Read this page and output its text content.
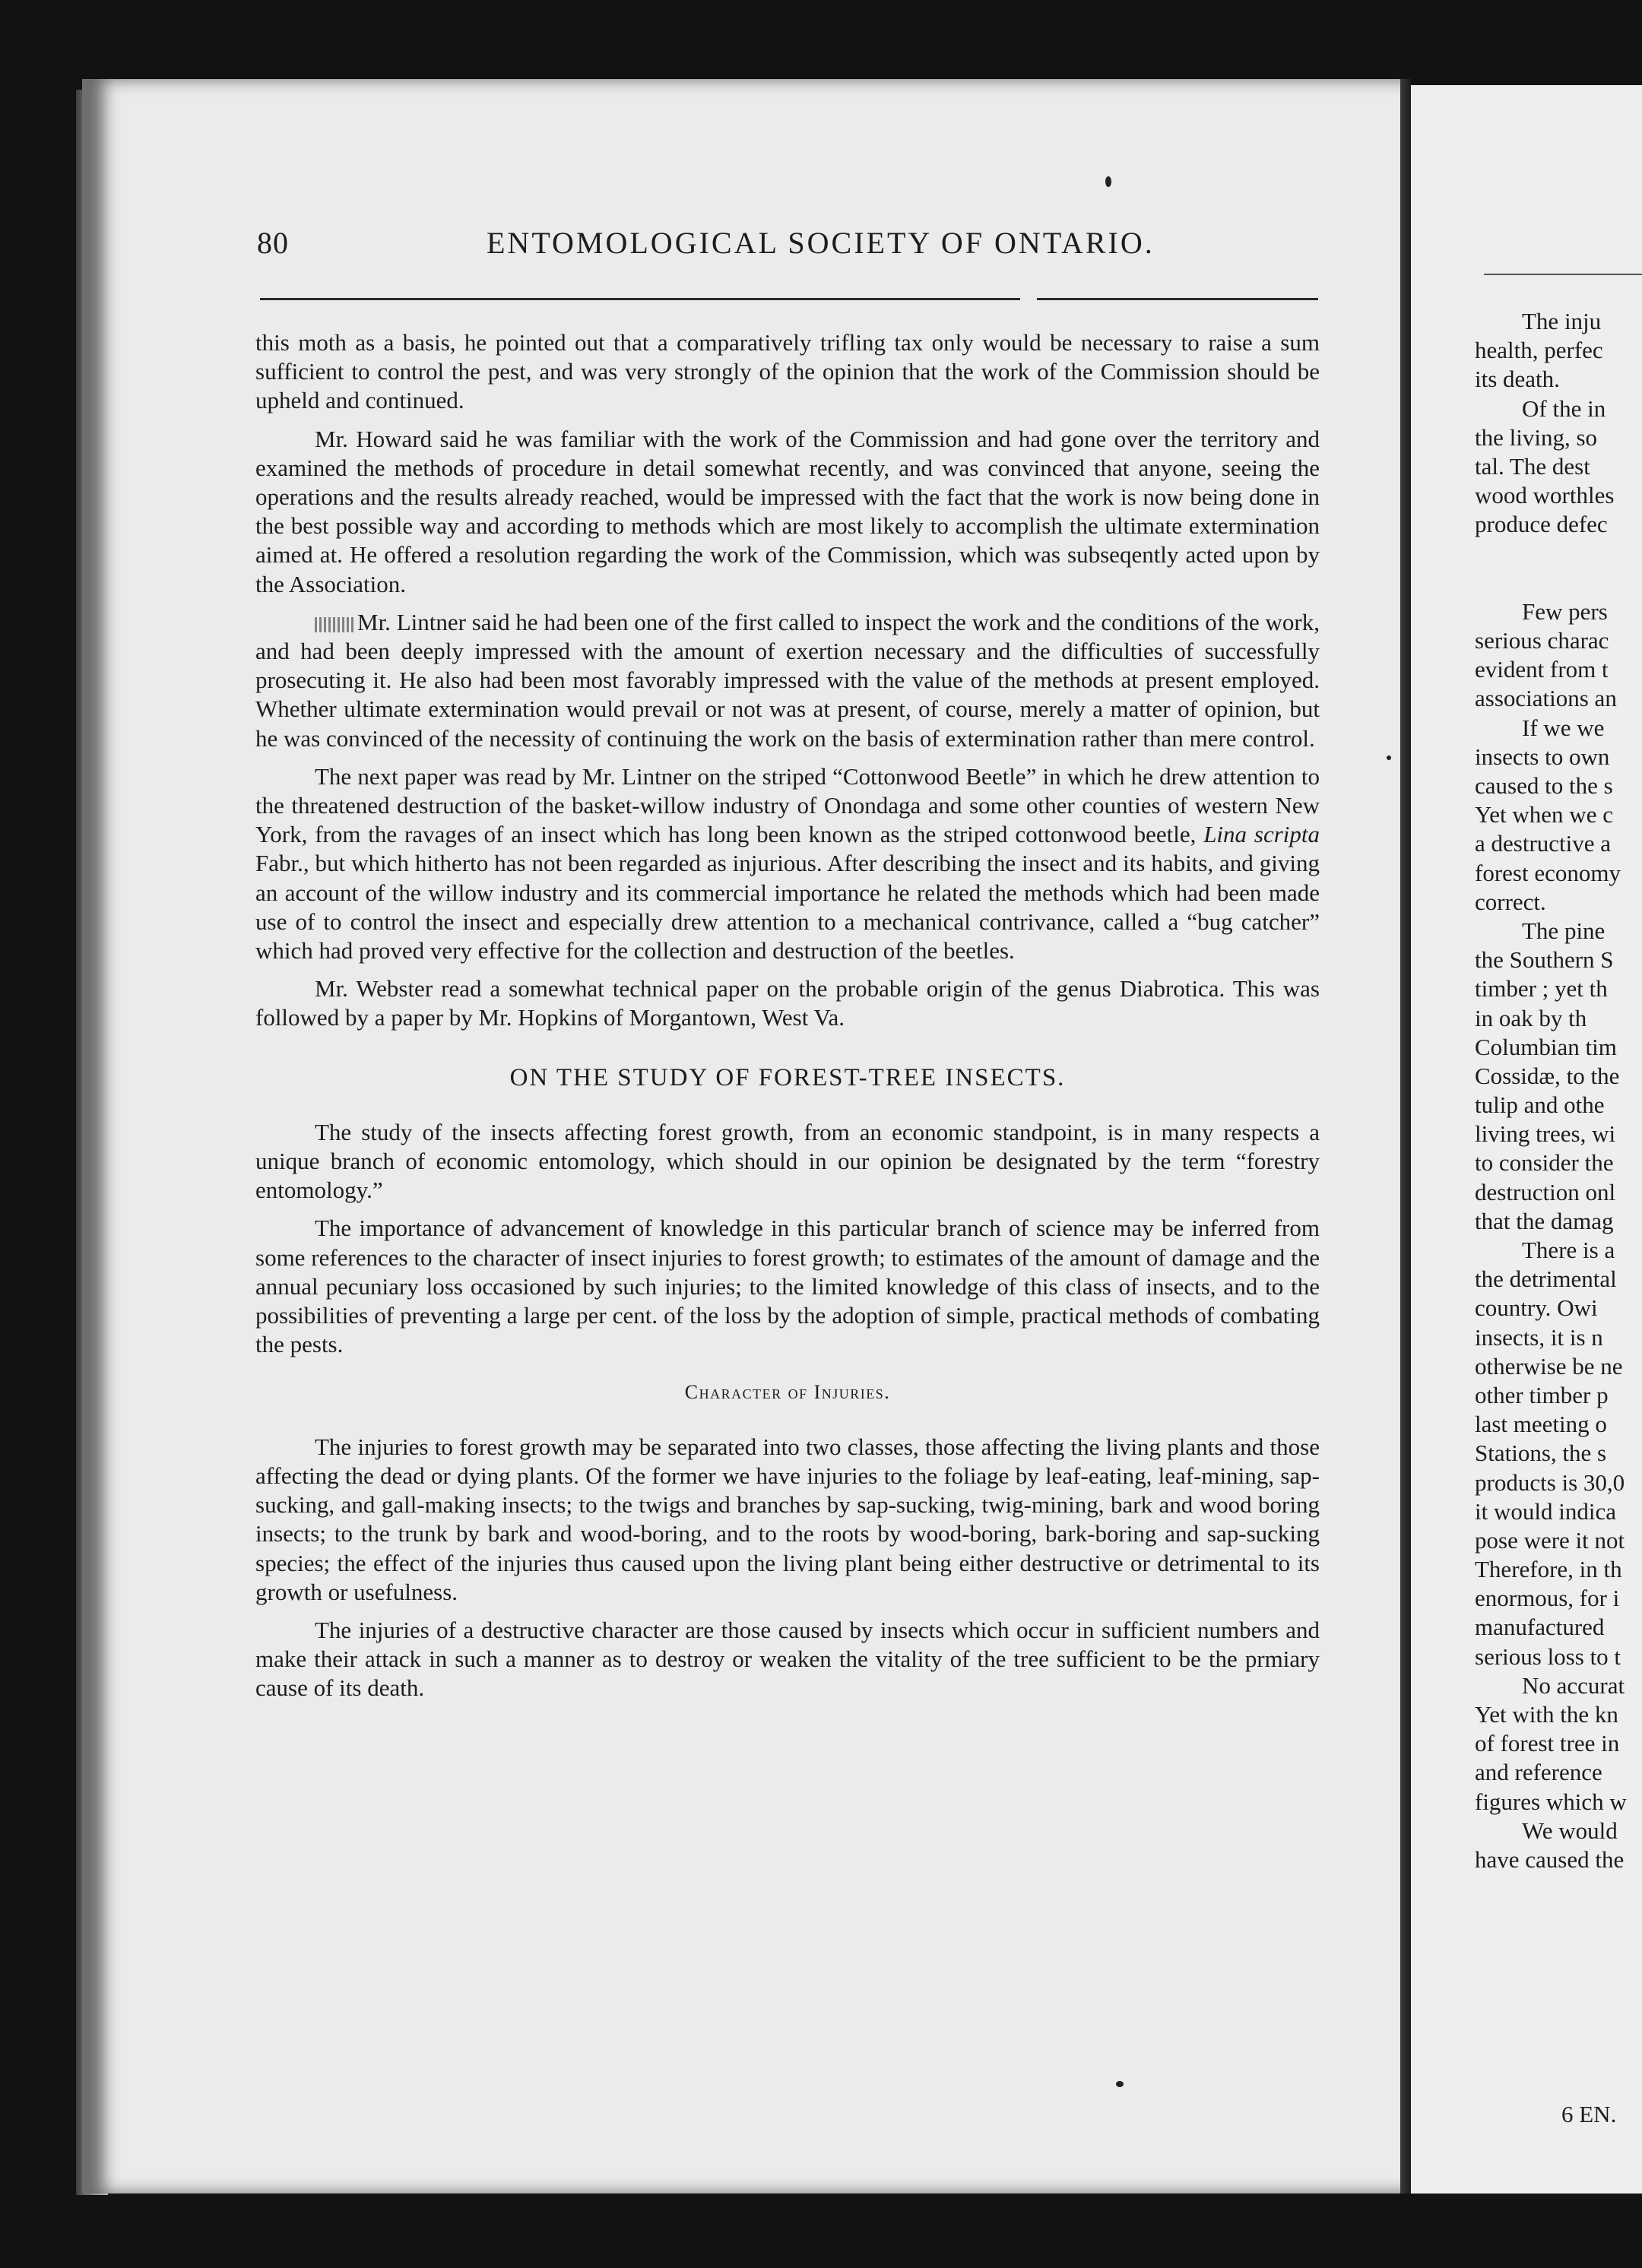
80	ENTOMOLOGICAL SOCIETY OF ONTARIO.

this moth as a basis, he pointed out that a comparatively trifling tax only would be necessary to raise a sum sufficient to control the pest, and was very strongly of the opinion that the work of the Commission should be upheld and continued.

Mr. Howard said he was familiar with the work of the Commission and had gone over the territory and examined the methods of procedure in detail somewhat recently, and was convinced that anyone, seeing the operations and the results already reached, would be impressed with the fact that the work is now being done in the best possible way and according to methods which are most likely to accomplish the ultimate extermination aimed at. He offered a resolution regarding the work of the Commission, which was subseqently acted upon by the Association.

Mr. Lintner said he had been one of the first called to inspect the work and the conditions of the work, and had been deeply impressed with the amount of exertion necessary and the difficulties of successfully prosecuting it. He also had been most favorably impressed with the value of the methods at present employed. Whether ultimate extermination would prevail or not was at present, of course, merely a matter of opinion, but he was convinced of the necessity of continuing the work on the basis of extermination rather than mere control.

The next paper was read by Mr. Lintner on the striped “Cottonwood Beetle” in which he drew attention to the threatened destruction of the basket-willow industry of Onondaga and some other counties of western New York, from the ravages of an insect which has long been known as the striped cottonwood beetle, Lina scripta Fabr., but which hitherto has not been regarded as injurious. After describing the insect and its habits, and giving an account of the willow industry and its commercial importance he related the methods which had been made use of to control the insect and especially drew attention to a mechanical contrivance, called a “bug catcher” which had proved very effective for the collection and destruction of the beetles.

Mr. Webster read a somewhat technical paper on the probable origin of the genus Diabrotica. This was followed by a paper by Mr. Hopkins of Morgantown, West Va.

ON THE STUDY OF FOREST-TREE INSECTS.

The study of the insects affecting forest growth, from an economic standpoint, is in many respects a unique branch of economic entomology, which should in our opinion be designated by the term “forestry entomology.”

The importance of advancement of knowledge in this particular branch of science may be inferred from some references to the character of insect injuries to forest growth; to estimates of the amount of damage and the annual pecuniary loss occasioned by such injuries; to the limited knowledge of this class of insects, and to the possibilities of preventing a large per cent. of the loss by the adoption of simple, practical methods of combating the pests.

Character of Injuries.

The injuries to forest growth may be separated into two classes, those affecting the living plants and those affecting the dead or dying plants. Of the former we have injuries to the foliage by leaf-eating, leaf-mining, sap-sucking, and gall-making insects; to the twigs and branches by sap-sucking, twig-mining, bark and wood boring insects; to the trunk by bark and wood-boring, and to the roots by wood-boring, bark-boring and sap-sucking species; the effect of the injuries thus caused upon the living plant being either destructive or detrimental to its growth or usefulness.

The injuries of a destructive character are those caused by insects which occur in sufficient numbers and make their attack in such a manner as to destroy or weaken the vitality of the tree sufficient to be the prmiary cause of its death.

  The inju
health, perfec
its death.
  Of the in
the living, so
tal. The dest
wood worthles
produce defec
  Few pers
serious charac
evident from t
associations an
  If we we
insects to own
caused to the s
Yet when we c
a destructive a
forest economy
correct.
  The pine
the Southern S
timber ; yet th
in oak by th
Columbian tim
Cossidæ, to the
tulip and othe
living trees, wi
to consider the
destruction onl
that the damag
  There is a
the detrimental
country. Owi
insects, it is n
otherwise be ne
other timber p
last meeting o
Stations, the s
products is 30,0
it would indica
pose were it not
Therefore, in th
enormous, for i
manufactured
serious loss to t
  No accurat
Yet with the kn
of forest tree in
and reference
figures which w
  We would
have caused the
6 EN.
